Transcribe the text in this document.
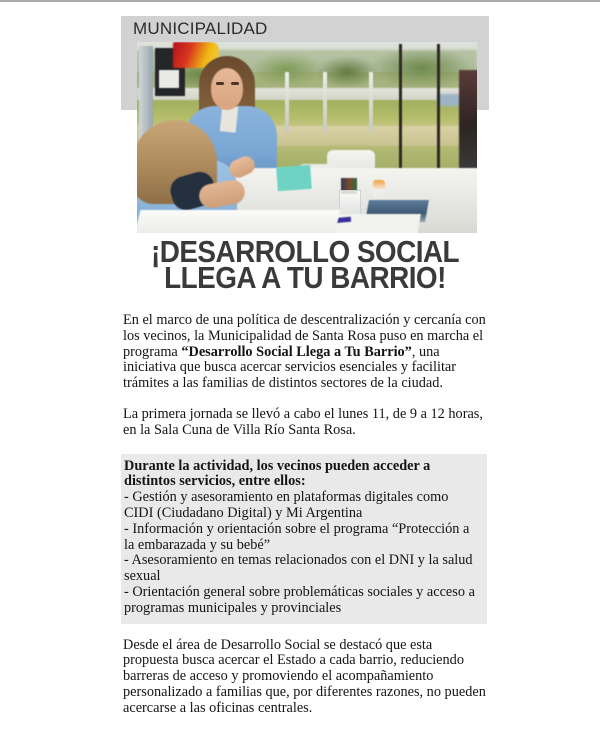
MUNICIPALIDAD
¡DESARROLLO SOCIAL
LLEGA A TU BARRIO!

En el marco de una política de descentralización y cercanía con los vecinos, la Municipalidad de Santa Rosa puso en marcha el programa “Desarrollo Social Llega a Tu Barrio”, una iniciativa que busca acercar servicios esenciales y facilitar trámites a las familias de distintos sectores de la ciudad.

La primera jornada se llevó a cabo el lunes 11, de 9 a 12 horas, en la Sala Cuna de Villa Río Santa Rosa.

Durante la actividad, los vecinos pueden acceder a distintos servicios, entre ellos:
- Gestión y asesoramiento en plataformas digitales como CIDI (Ciudadano Digital) y Mi Argentina
- Información y orientación sobre el programa “Protección a la embarazada y su bebé”
- Asesoramiento en temas relacionados con el DNI y la salud sexual
- Orientación general sobre problemáticas sociales y acceso a programas municipales y provinciales

Desde el área de Desarrollo Social se destacó que esta propuesta busca acercar el Estado a cada barrio, reduciendo barreras de acceso y promoviendo el acompañamiento personalizado a familias que, por diferentes razones, no pueden acercarse a las oficinas centrales.
